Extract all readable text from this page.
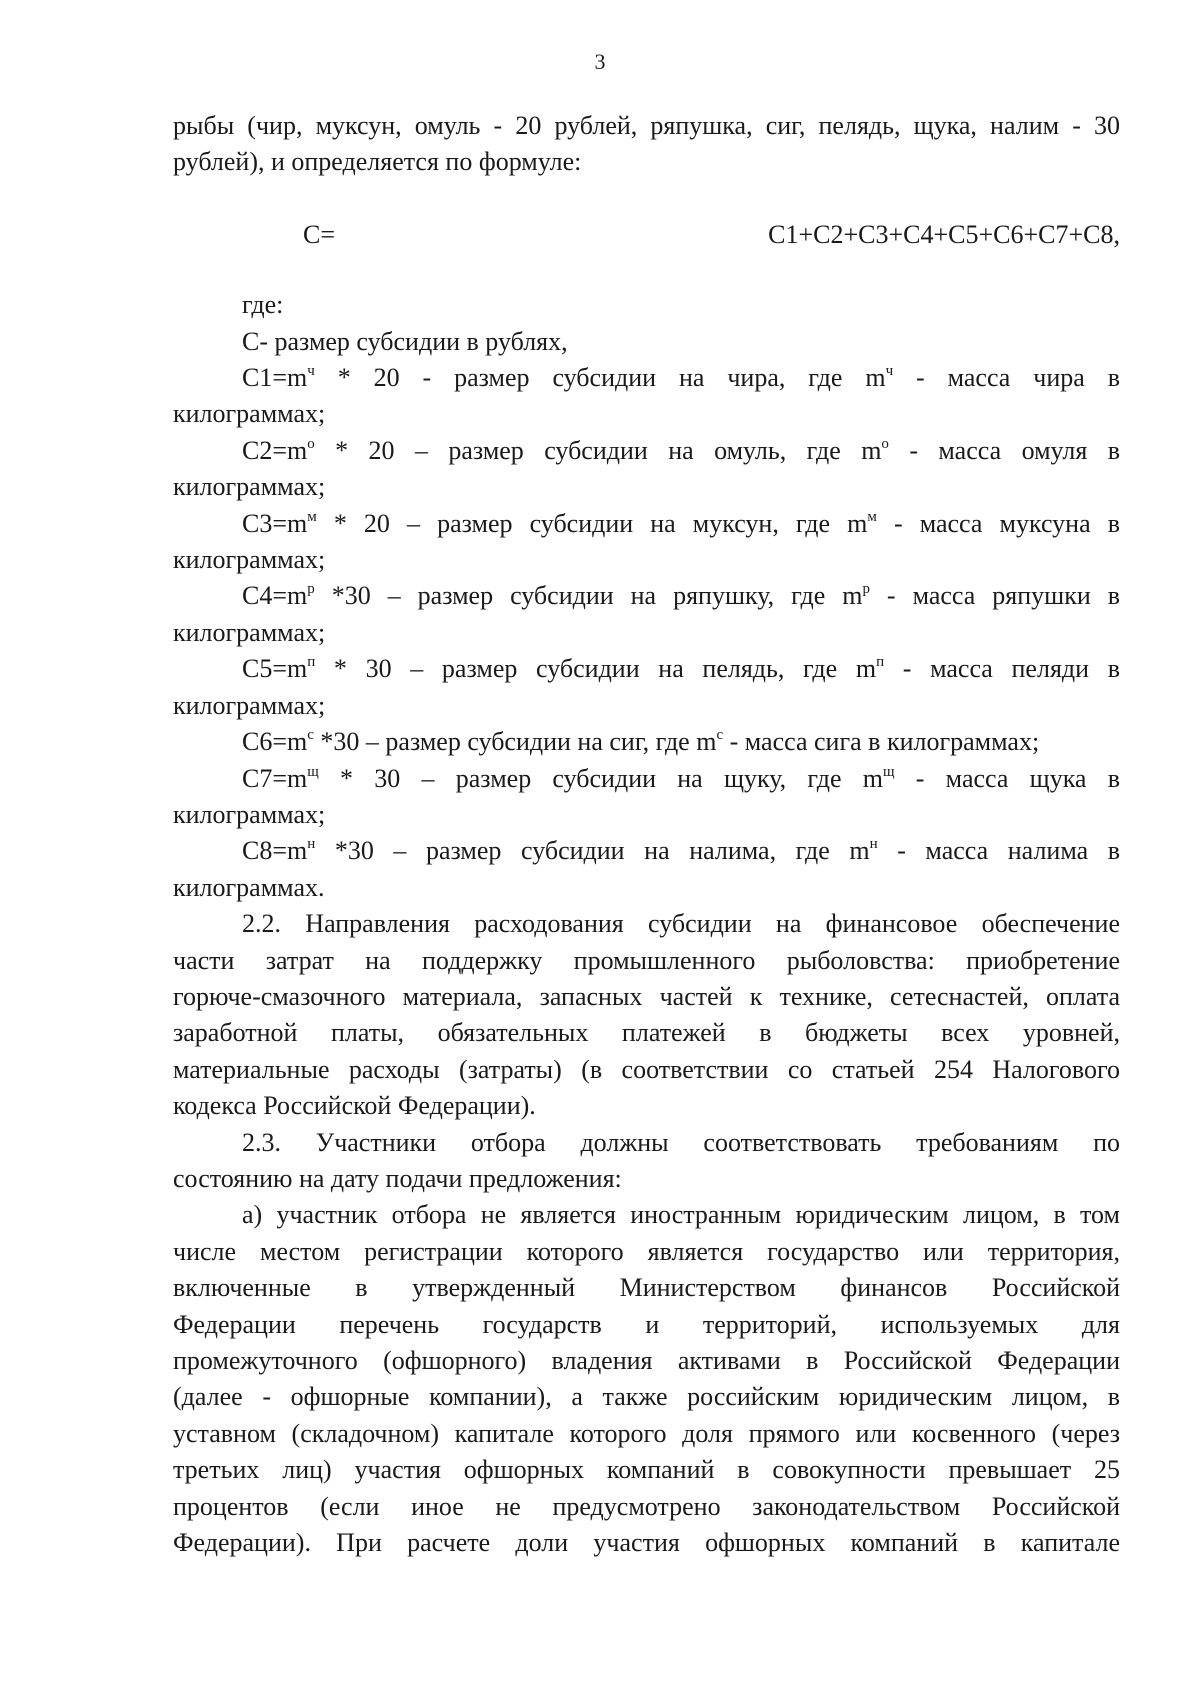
3

рыбы (чир, муксун, омуль - 20 рублей, ряпушка, сиг, пелядь, щука, налим - 30

рублей), и определяется по формуле:

С= С1+С2+С3+С4+С5+С6+С7+С8,

где:

С- размер субсидии в рублях,

$С1=m^ч * 20$ - размер субсидии на чира, где $m^ч$ - масса чира в

килограммах;

$С2=m^о * 20$ – размер субсидии на омуль, где $m^о$ - масса омуля в

килограммах;

$С3=m^м * 20$ – размер субсидии на муксун, где $m^м$ - масса муксуна в

килограммах;

$С4=m^р$ *30 – размер субсидии на ряпушку, где $m^р$ - масса ряпушки в

килограммах;

$С5=m^п * 30$ – размер субсидии на пелядь, где $m^п$ - масса пеляди в

килограммах;

$С6=m^с$ *30 – размер субсидии на сиг, где $m^с$ - масса сига в килограммах;

$С7=m^щ * 30$ – размер субсидии на щуку, где $m^щ$ - масса щука в

килограммах;

$С8=m^н$ *30 – размер субсидии на налима, где $m^н$ - масса налима в

килограммах.

2.2. Направления расходования субсидии на финансовое обеспечение

части затрат на поддержку промышленного рыболовства: приобретение

горюче-смазочного материала, запасных частей к технике, сетеснастей, оплата

заработной платы, обязательных платежей в бюджеты всех уровней,

материальные расходы (затраты) (в соответствии со статьей 254 Налогового

кодекса Российской Федерации).

2.3. Участники отбора должны соответствовать требованиям по

состоянию на дату подачи предложения:

а) участник отбора не является иностранным юридическим лицом, в том

числе местом регистрации которого является государство или территория,

включенные в утвержденный Министерством финансов Российской

Федерации перечень государств и территорий, используемых для

промежуточного (офшорного) владения активами в Российской Федерации

(далее - офшорные компании), а также российским юридическим лицом, в

уставном (складочном) капитале которого доля прямого или косвенного (через

третьих лиц) участия офшорных компаний в совокупности превышает 25

процентов (если иное не предусмотрено законодательством Российской

Федерации). При расчете доли участия офшорных компаний в капитале
